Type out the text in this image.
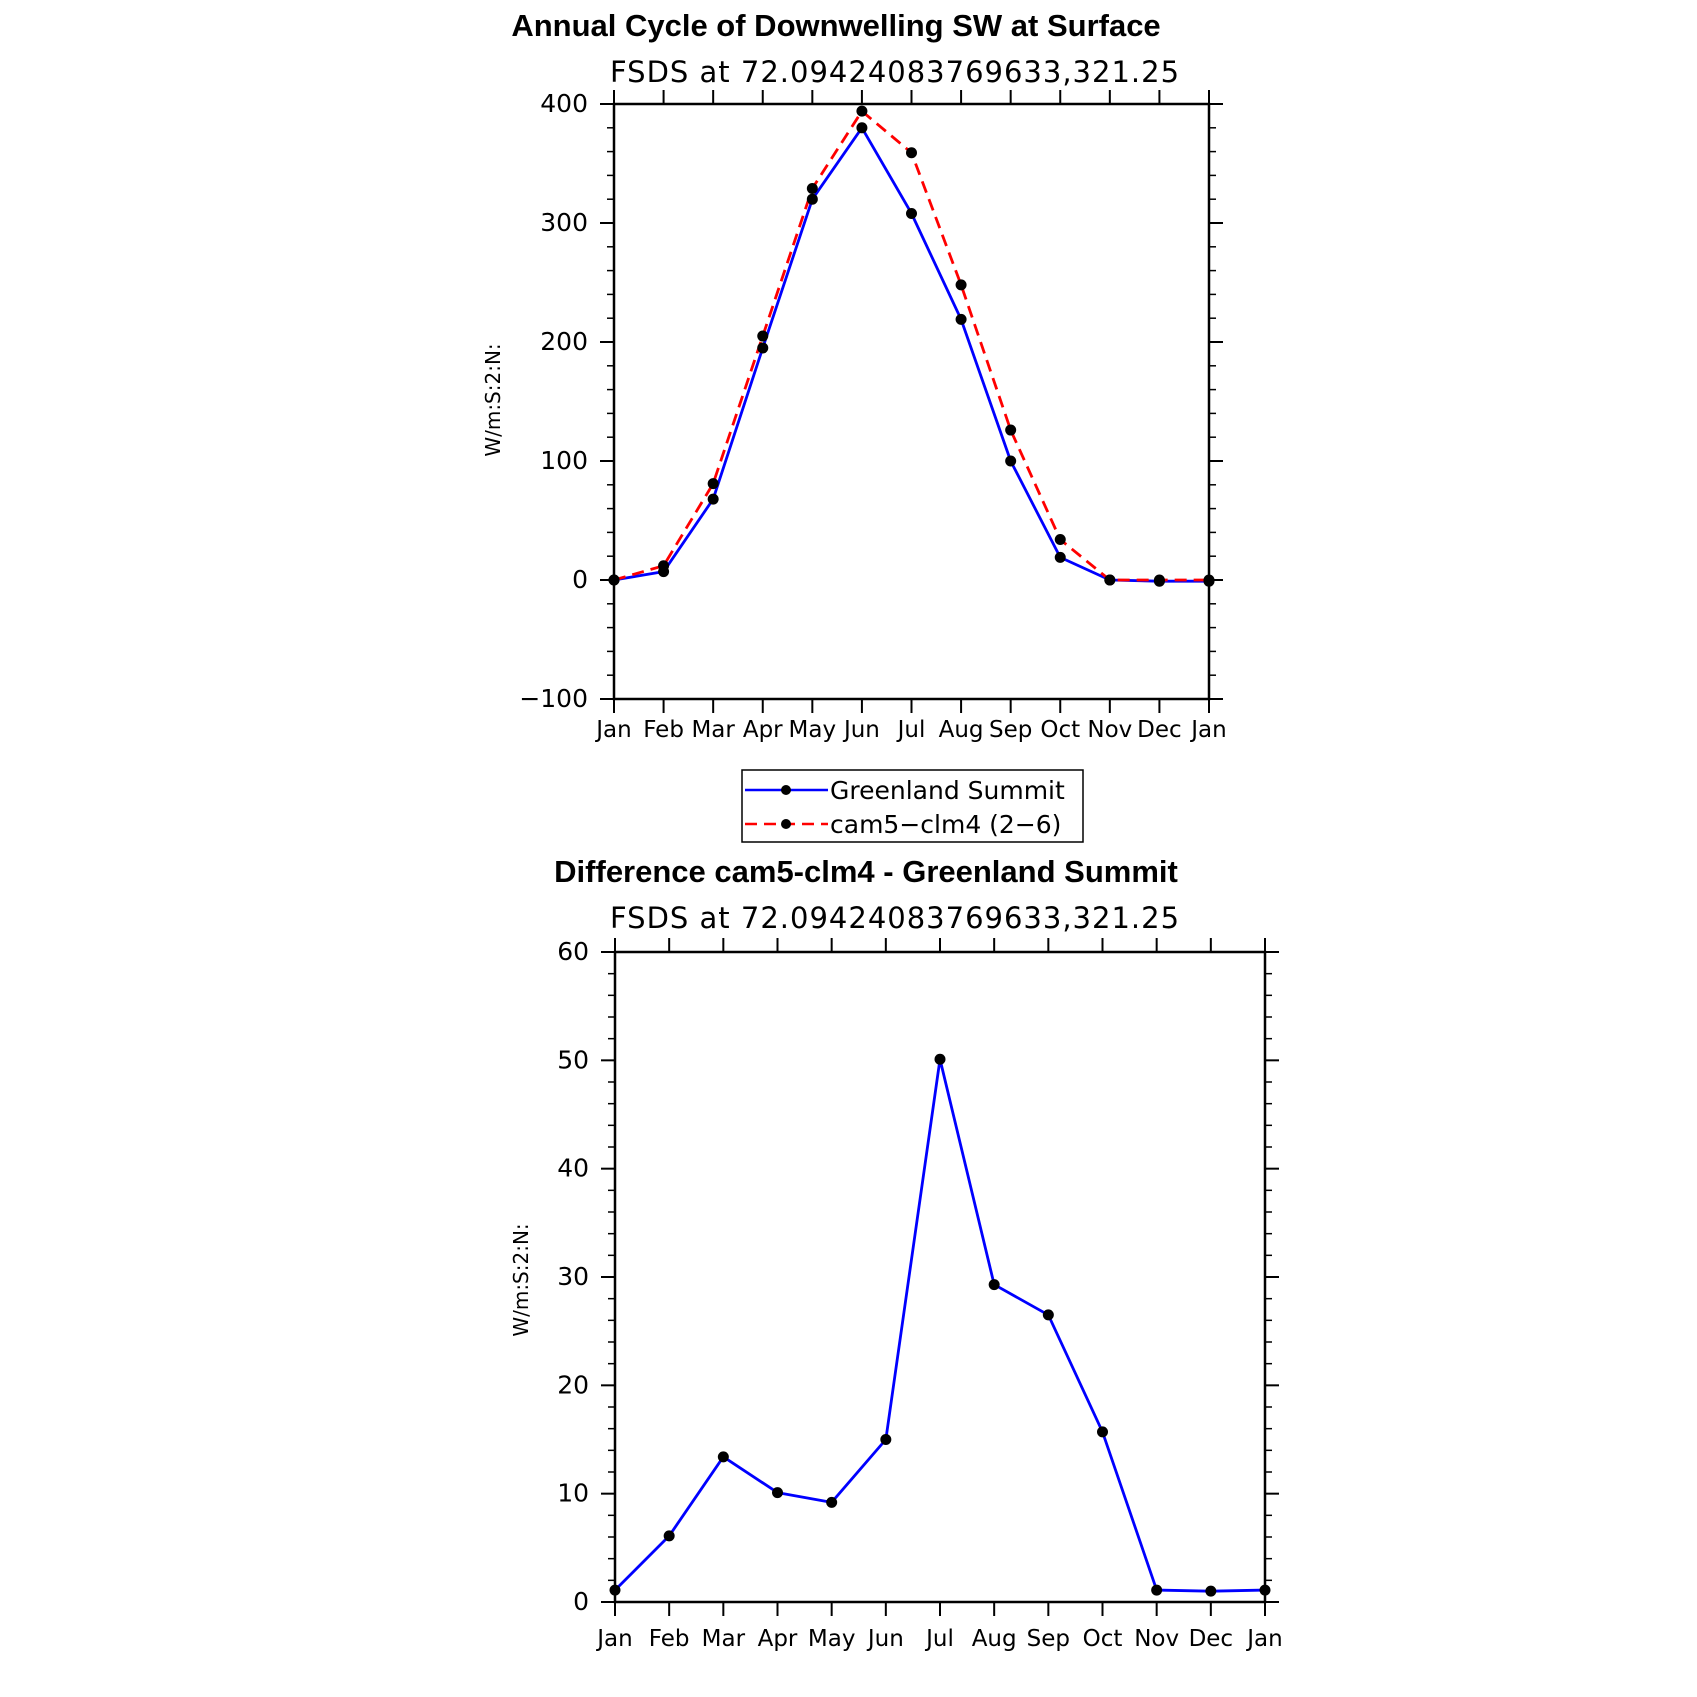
Annual Cycle of Downwelling SW at Surface
FSDS at 72.09424083769633,321.25
W/m:S:2:N:
−100
0
100
200
300
400
Jan Feb Mar Apr May Jun Jul Aug Sep Oct Nov Dec Jan
Greenland Summit
cam5−clm4 (2−6)
Difference cam5-clm4 - Greenland Summit
FSDS at 72.09424083769633,321.25
W/m:S:2:N:
0
10
20
30
40
50
60
Jan Feb Mar Apr May Jun Jul Aug Sep Oct Nov Dec Jan
